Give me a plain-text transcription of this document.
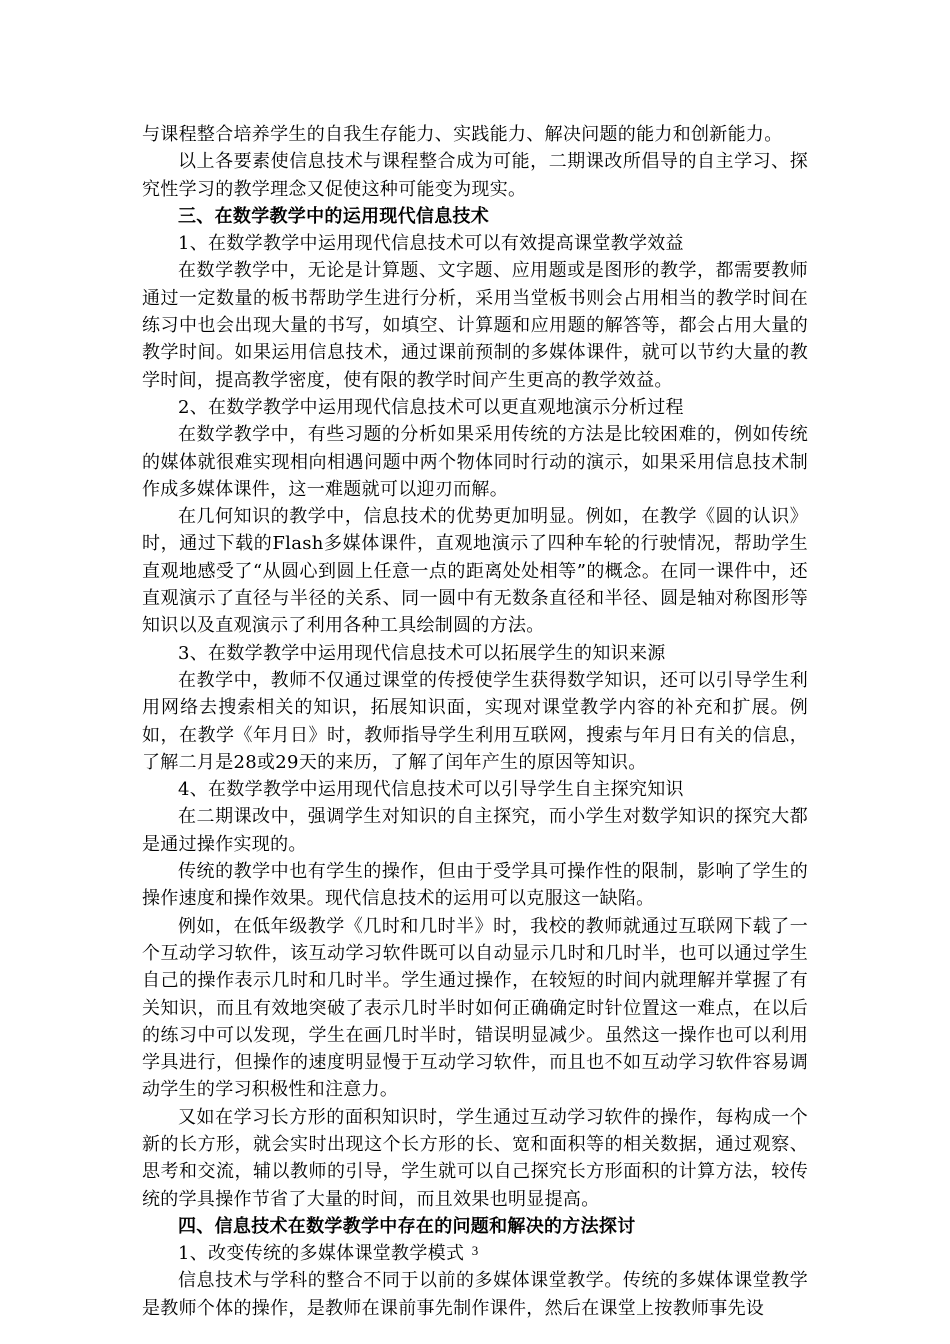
与课程整合培养学生的自我生存能力、实践能力、解决问题的能力和创新能力。

以上各要素使信息技术与课程整合成为可能，二期课改所倡导的自主学习、探究性学习的教学理念又促使这种可能变为现实。

三、在数学教学中的运用现代信息技术

1、在数学教学中运用现代信息技术可以有效提高课堂教学效益

在数学教学中，无论是计算题、文字题、应用题或是图形的教学，都需要教师通过一定数量的板书帮助学生进行分析，采用当堂板书则会占用相当的教学时间在练习中也会出现大量的书写，如填空、计算题和应用题的解答等，都会占用大量的教学时间。如果运用信息技术，通过课前预制的多媒体课件，就可以节约大量的教学时间，提高教学密度，使有限的教学时间产生更高的教学效益。

2、在数学教学中运用现代信息技术可以更直观地演示分析过程

在数学教学中，有些习题的分析如果采用传统的方法是比较困难的，例如传统的媒体就很难实现相向相遇问题中两个物体同时行动的演示，如果采用信息技术制作成多媒体课件，这一难题就可以迎刃而解。

在几何知识的教学中，信息技术的优势更加明显。例如，在教学《圆的认识》时，通过下载的Flash多媒体课件，直观地演示了四种车轮的行驶情况，帮助学生直观地感受了“从圆心到圆上任意一点的距离处处相等”的概念。在同一课件中，还直观演示了直径与半径的关系、同一圆中有无数条直径和半径、圆是轴对称图形等知识以及直观演示了利用各种工具绘制圆的方法。

3、在数学教学中运用现代信息技术可以拓展学生的知识来源

在教学中，教师不仅通过课堂的传授使学生获得数学知识，还可以引导学生利用网络去搜索相关的知识，拓展知识面，实现对课堂教学内容的补充和扩展。例如，在教学《年月日》时，教师指导学生利用互联网，搜索与年月日有关的信息，了解二月是28或29天的来历，了解了闰年产生的原因等知识。

4、在数学教学中运用现代信息技术可以引导学生自主探究知识

在二期课改中，强调学生对知识的自主探究，而小学生对数学知识的探究大都是通过操作实现的。

传统的教学中也有学生的操作，但由于受学具可操作性的限制，影响了学生的操作速度和操作效果。现代信息技术的运用可以克服这一缺陷。

例如，在低年级教学《几时和几时半》时，我校的教师就通过互联网下载了一个互动学习软件，该互动学习软件既可以自动显示几时和几时半，也可以通过学生自己的操作表示几时和几时半。学生通过操作，在较短的时间内就理解并掌握了有关知识，而且有效地突破了表示几时半时如何正确确定时针位置这一难点，在以后的练习中可以发现，学生在画几时半时，错误明显减少。虽然这一操作也可以利用学具进行，但操作的速度明显慢于互动学习软件，而且也不如互动学习软件容易调动学生的学习积极性和注意力。

又如在学习长方形的面积知识时，学生通过互动学习软件的操作，每构成一个新的长方形，就会实时出现这个长方形的长、宽和面积等的相关数据，通过观察、思考和交流，辅以教师的引导，学生就可以自己探究长方形面积的计算方法，较传统的学具操作节省了大量的时间，而且效果也明显提高。

四、信息技术在数学教学中存在的问题和解决的方法探讨

1、改变传统的多媒体课堂教学模式

信息技术与学科的整合不同于以前的多媒体课堂教学。传统的多媒体课堂教学是教师个体的操作，是教师在课前事先制作课件，然后在课堂上按教师事先设

3
